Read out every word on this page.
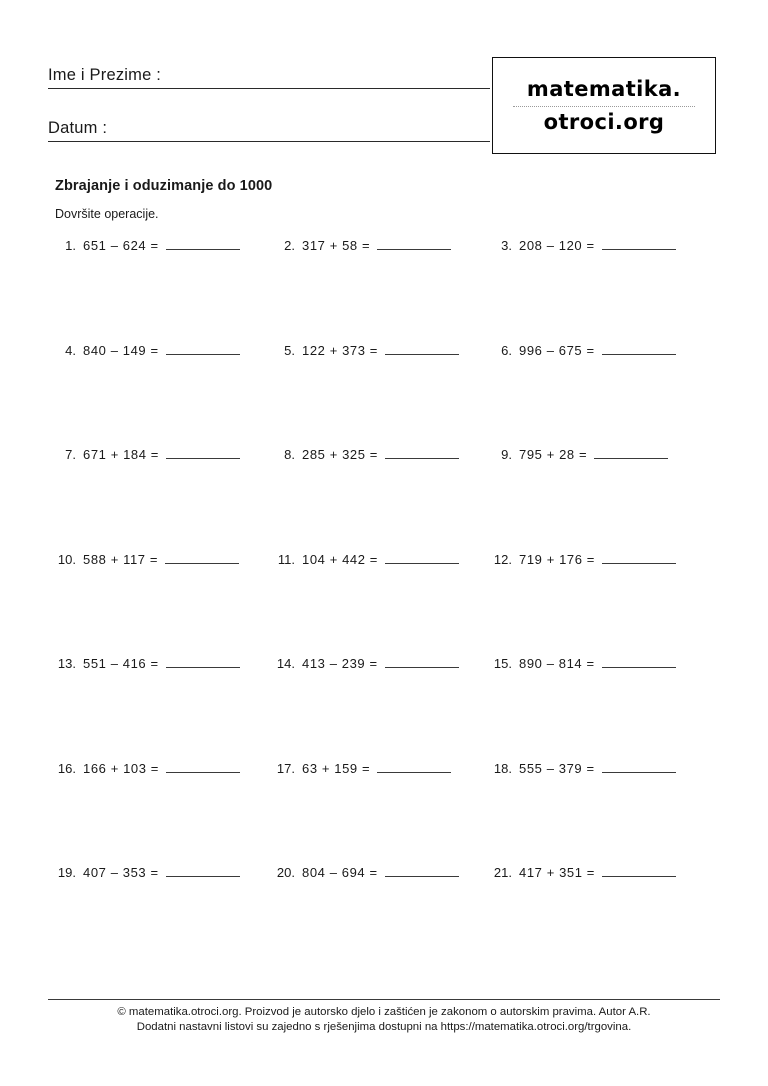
Ime i Prezime :
Datum :
matematika.
otroci.org
Zbrajanje i oduzimanje do 1000
Dovršite operacije.
1. 651 – 624 =	2. 317 + 58 =	3. 208 – 120 =
4. 840 – 149 =	5. 122 + 373 =	6. 996 – 675 =
7. 671 + 184 =	8. 285 + 325 =	9. 795 + 28 =
10. 588 + 117 =	11. 104 + 442 =	12. 719 + 176 =
13. 551 – 416 =	14. 413 – 239 =	15. 890 – 814 =
16. 166 + 103 =	17. 63 + 159 =	18. 555 – 379 =
19. 407 – 353 =	20. 804 – 694 =	21. 417 + 351 =
© matematika.otroci.org. Proizvod je autorsko djelo i zaštićen je zakonom o autorskim pravima. Autor A.R.
Dodatni nastavni listovi su zajedno s rješenjima dostupni na https://matematika.otroci.org/trgovina.
